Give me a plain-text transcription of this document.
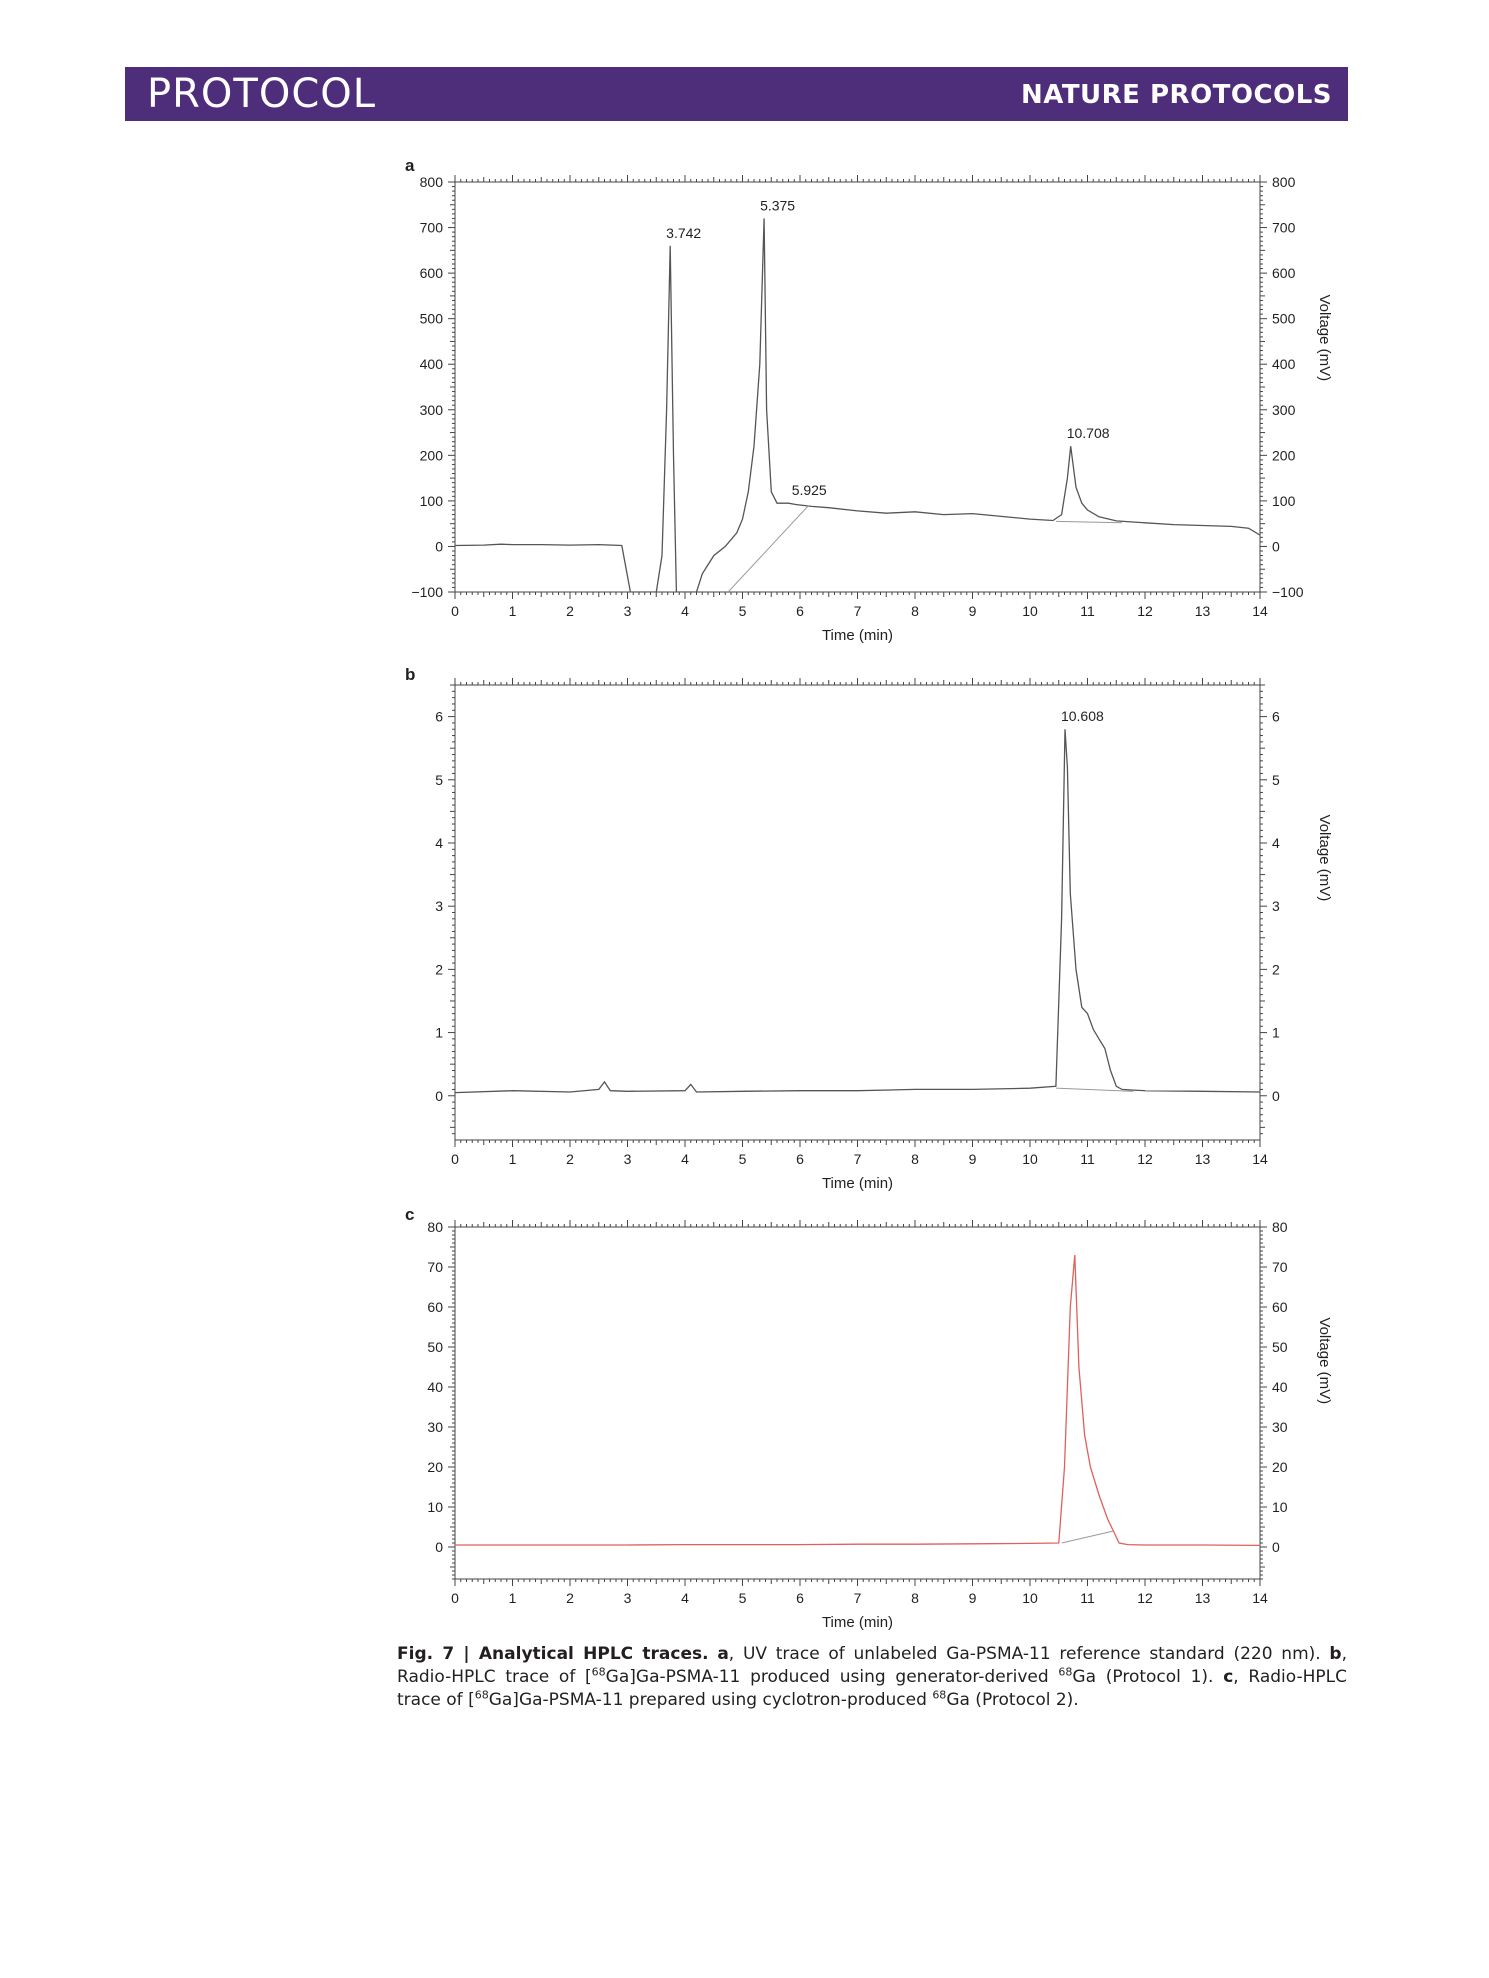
PROTOCOL	NATURE PROTOCOLS
a
0	1	2	3	4	5	6	7	8	9	10	11	12	13	14
−100	−100
0	0
100	100
200	200
300	300
400	400
500	500
600	600
700	700
800	800
Time (min)
Voltage (mV)
3.742
5.375
5.925
10.708
b
0	1	2	3	4	5	6	7	8	9	10	11	12	13	14
0	0
1	1
2	2
3	3
4	4
5	5
6	6
Time (min)
Voltage (mV)
10.608
c
0	1	2	3	4	5	6	7	8	9	10	11	12	13	14
0	0
10	10
20	20
30	30
40	40
50	50
60	60
70	70
80	80
Time (min)
Voltage (mV)
Fig. 7 | Analytical HPLC traces. a, UV trace of unlabeled Ga-PSMA-11 reference standard (220 nm). b, Radio-HPLC trace of [$^{68}$Ga]Ga-PSMA-11 produced using generator-derived $^{68}$Ga (Protocol 1). c, Radio-HPLC trace of [$^{68}$Ga]Ga-PSMA-11 prepared using cyclotron-produced $^{68}$Ga (Protocol 2).
